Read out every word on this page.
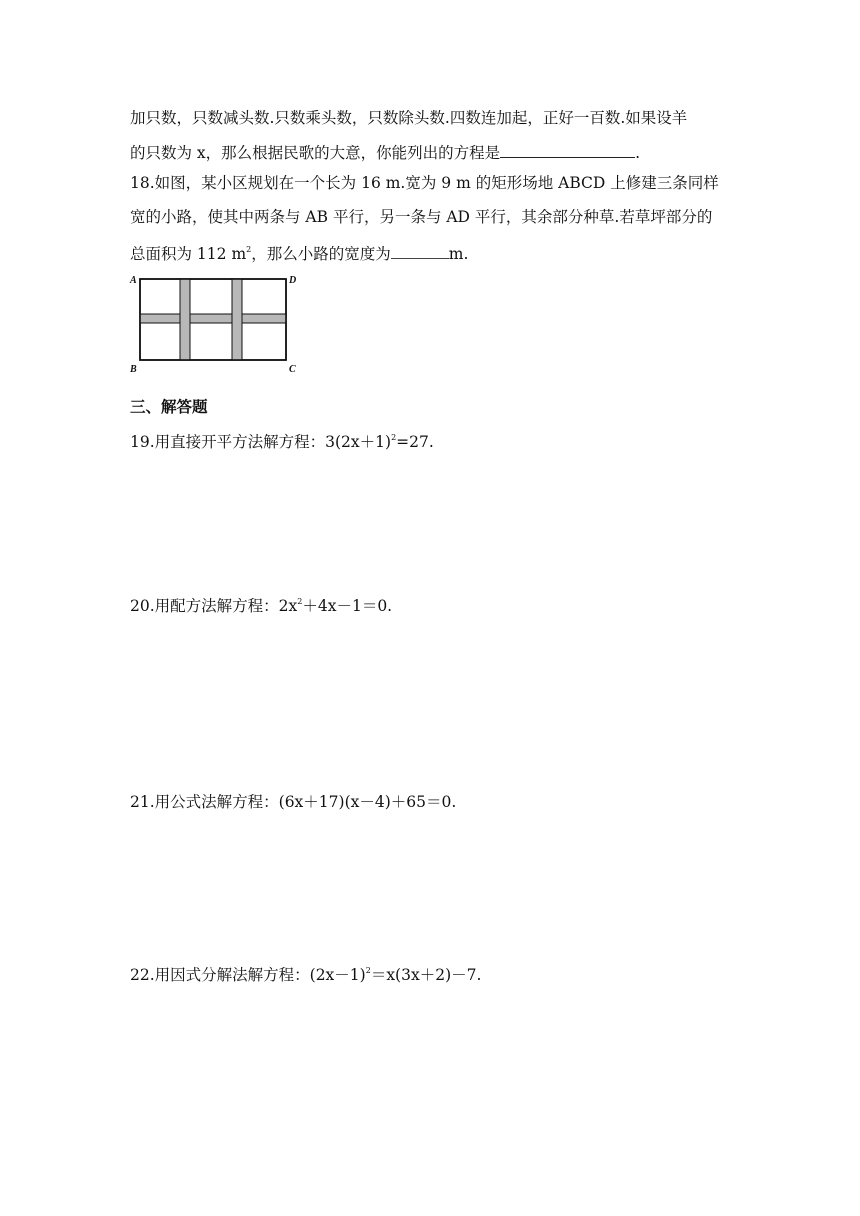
加只数，只数减头数.只数乘头数，只数除头数.四数连加起，正好一百数.如果设羊
的只数为 x，那么根据民歌的大意，你能列出的方程是	.
18.如图，某小区规划在一个长为 16 m.宽为 9 m 的矩形场地 ABCD 上修建三条同样
宽的小路，使其中两条与 AB 平行，另一条与 AD 平行，其余部分种草.若草坪部分的
总面积为 112 $m^2$，那么小路的宽度为	m.
A	D
B	C
三、解答题
19.用直接开平方法解方程：$3(2x+1)^2=27$.
20.用配方法解方程：$2x^2+4x-1=0$.
21.用公式法解方程：(6x＋17)(x－4)＋65＝0.
22.用因式分解法解方程：$(2x-1)^2=x(3x+2)-7$.
